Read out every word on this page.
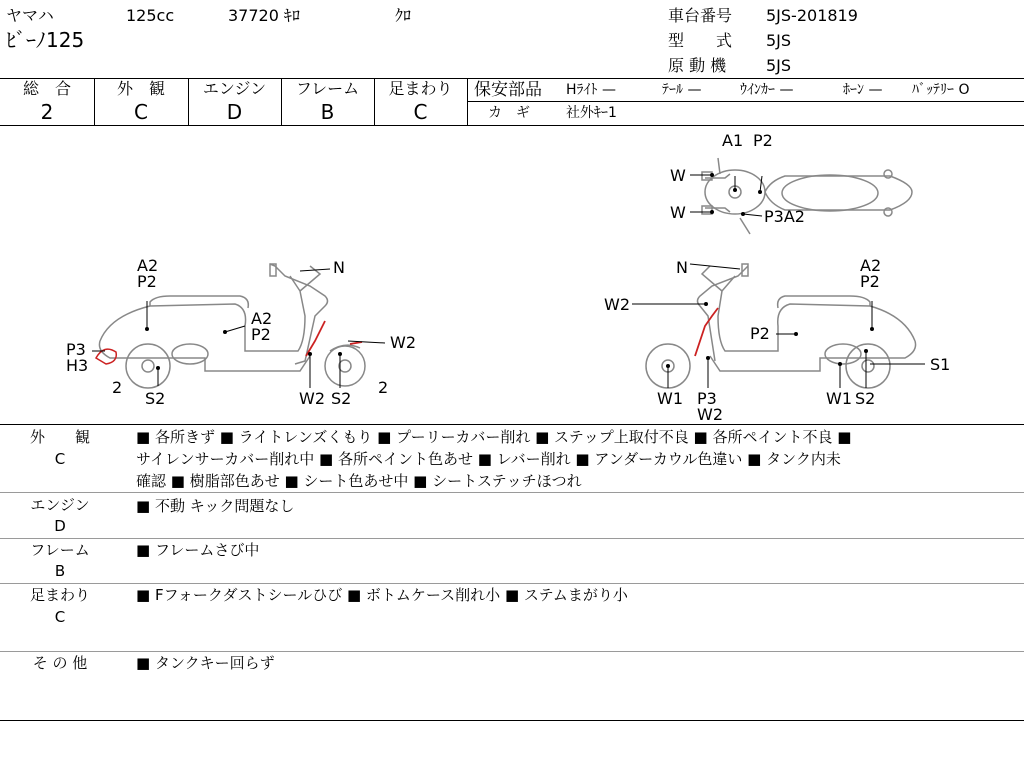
ヤマハ	125cc	37720 ｷﾛ	ｸﾛ
ﾋﾞｰﾉ125
車台番号 5JS-201819
型　　式 5JS
原 動 機 5JS
総　合
2
外　観
C
エンジン
D
フレーム
B
足まわり
C
保安部品 Hﾗｲﾄ —	ﾃｰﾙ —	ｳｲﾝｶｰ —	ﾎｰﾝ — ﾊﾞｯﾃﾘｰ O
カ　ギ	社外ｷｰ1
A2
P2
A2
P2
P3
H3
2
S2
N
W2
W2 S2
2
A1 P2
W
W	P3A2
N	A2
P2
W2
P2
S1
W1 P3
W2
W1 S2
外　　観
C
■ 各所きず ■ ライトレンズくもり ■ プーリーカバー削れ ■ ステップ上取付不良 ■ 各所ペイント不良 ■
サイレンサーカバー削れ中 ■ 各所ペイント色あせ ■ レバー削れ ■ アンダーカウル色違い ■ タンク内未
確認 ■ 樹脂部色あせ ■ シート色あせ中 ■ シートステッチほつれ
エンジン
D
■ 不動 キック問題なし
フレーム
B
■ フレームさび中
足まわり
C
■ Fフォークダストシールひび ■ ボトムケース削れ小 ■ ステムまがり小
そ の 他	■ タンクキー回らず
